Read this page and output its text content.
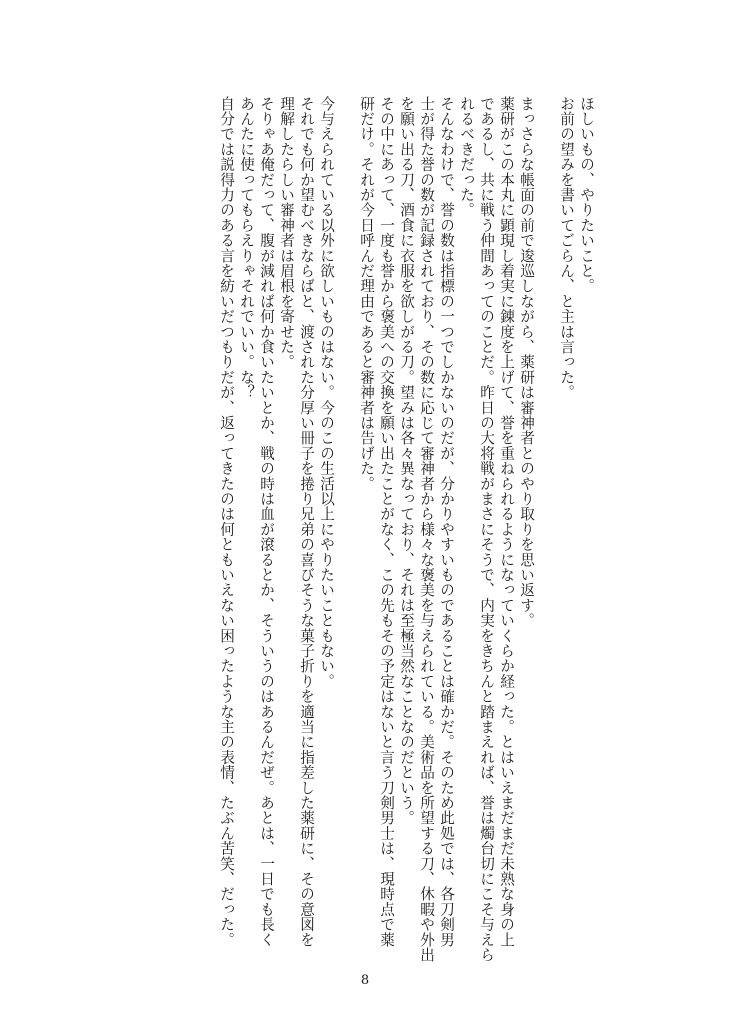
ほしいもの、やりたいこと。
お前の望みを書いてごらん、と主は言った。
まっさらな帳面の前で逡巡しながら、薬研は審神者とのやり取りを思い返す。
薬研がこの本丸に顕現し着実に錬度を上げて、誉を重ねられるようになっていくらか経った。とはいえまだまだ未熟な身の上
であるし、共に戦う仲間あってのことだ。昨日の大将戦がまさにそうで、内実をきちんと踏まえれば、誉は燭台切にこそ与えら
れるべきだった。
そんなわけで、誉の数は指標の一つでしかないのだが、分かりやすいものであることは確かだ。そのため此処では、各刀剣男
士が得た誉の数が記録されており、その数に応じて審神者から様々な褒美を与えられている。美術品を所望する刀、休暇や外出
を願い出る刀、酒食に衣服を欲しがる刀。望みは各々異なっており、それは至極当然なことなのだという。
その中にあって、一度も誉から褒美への交換を願い出たことがなく、この先もその予定はないと言う刀剣男士は、現時点で薬
研だけ。それが今日呼んだ理由であると審神者は告げた。
今与えられている以外に欲しいものはない。今のこの生活以上にやりたいこともない。
それでも何か望むべきならばと、渡された分厚い冊子を捲り兄弟の喜びそうな菓子折りを適当に指差した薬研に、その意図を
理解したらしい審神者は眉根を寄せた。
そりゃあ俺だって、腹が減れば何か食いたいとか、戦の時は血が滾るとか、そういうのはあるんだぜ。あとは、一日でも長く
あんたに使ってもらえりゃそれでいい。な？
自分では説得力のある言を紡いだつもりだが、返ってきたのは何ともいえない困ったような主の表情、たぶん苦笑、だった。
8
